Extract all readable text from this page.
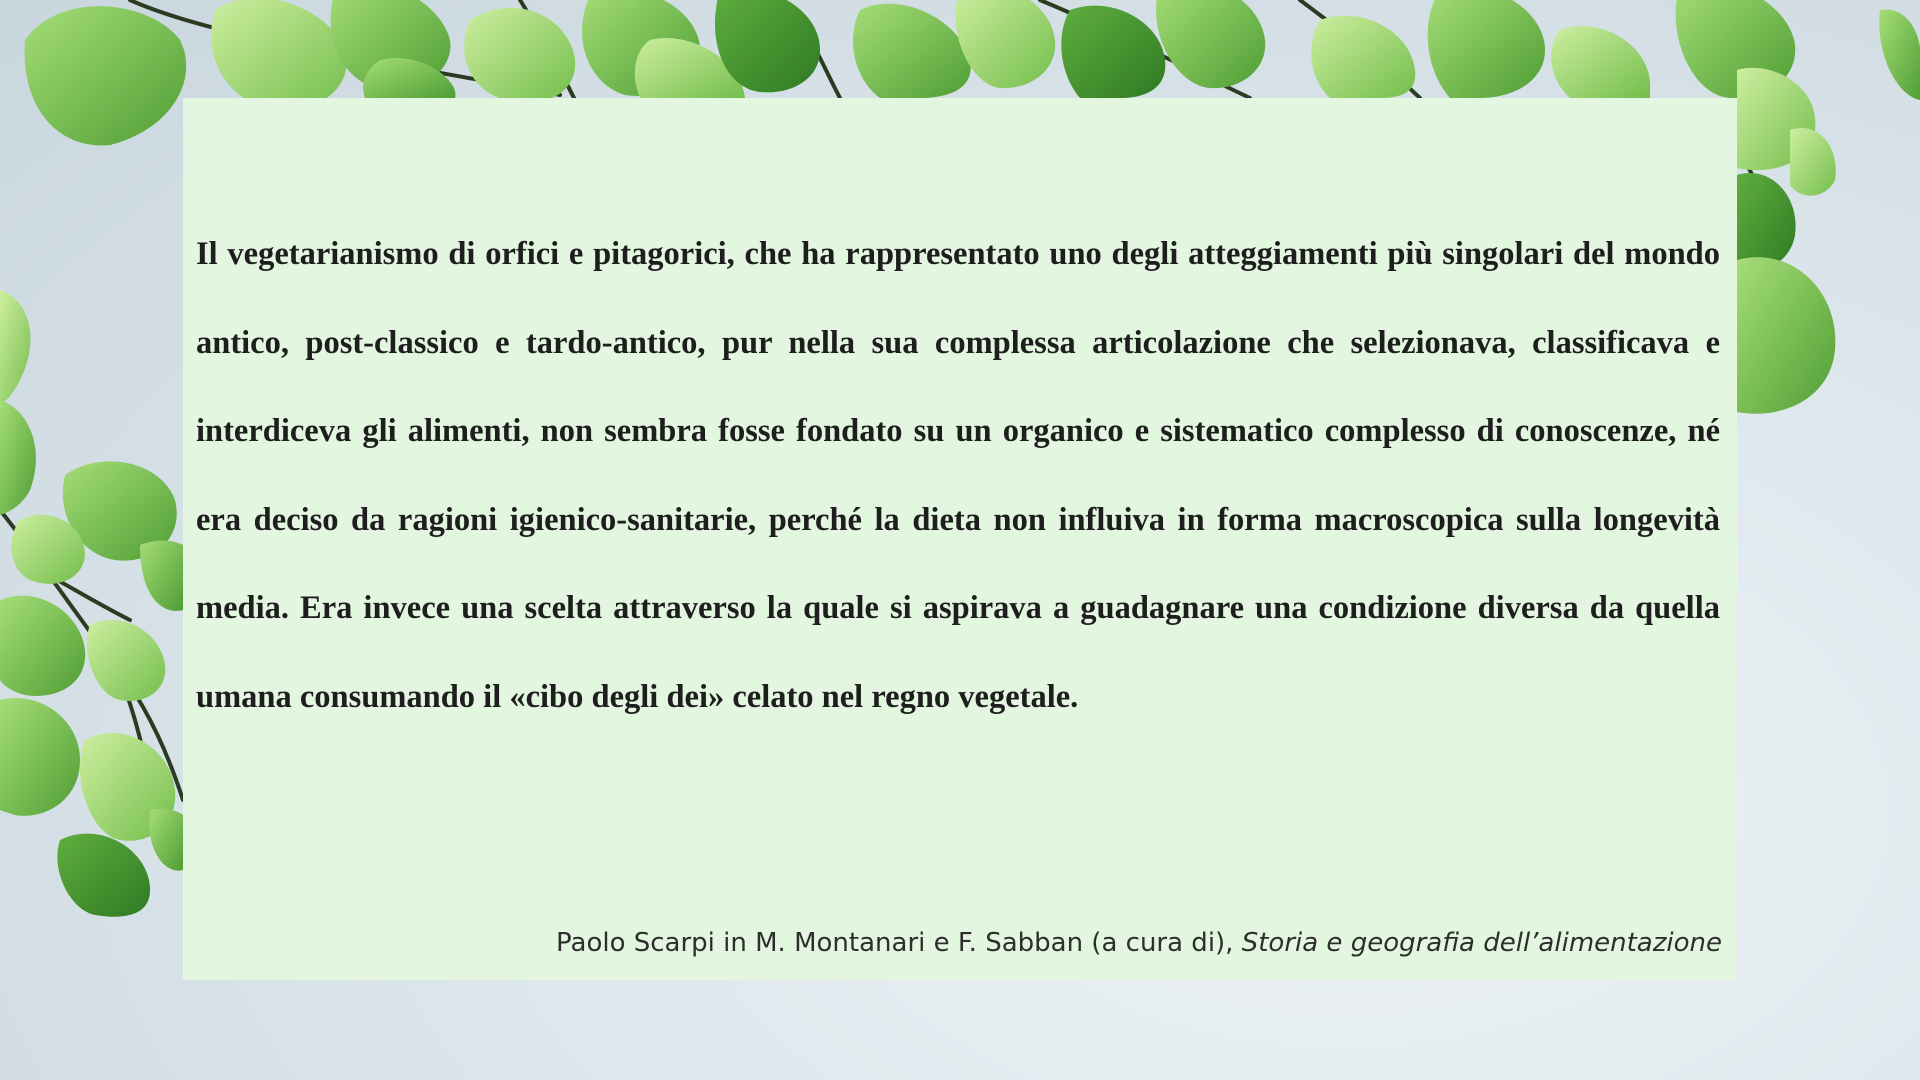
Il vegetarianismo di orfici e pitagorici, che ha rappresentato uno degli atteggiamenti più singolari del mondo antico, post-classico e tardo-antico, pur nella sua complessa articolazione che selezionava, classificava e interdiceva gli alimenti, non sembra fosse fondato su un organico e sistematico complesso di conoscenze, né era deciso da ragioni igienico-sanitarie, perché la dieta non influiva in forma macroscopica sulla longevità media. Era invece una scelta attraverso la quale si aspirava a guadagnare una condizione diversa da quella umana consumando il «cibo degli dei» celato nel regno vegetale.

Paolo Scarpi in M. Montanari e F. Sabban (a cura di), Storia e geografia dell’alimentazione
